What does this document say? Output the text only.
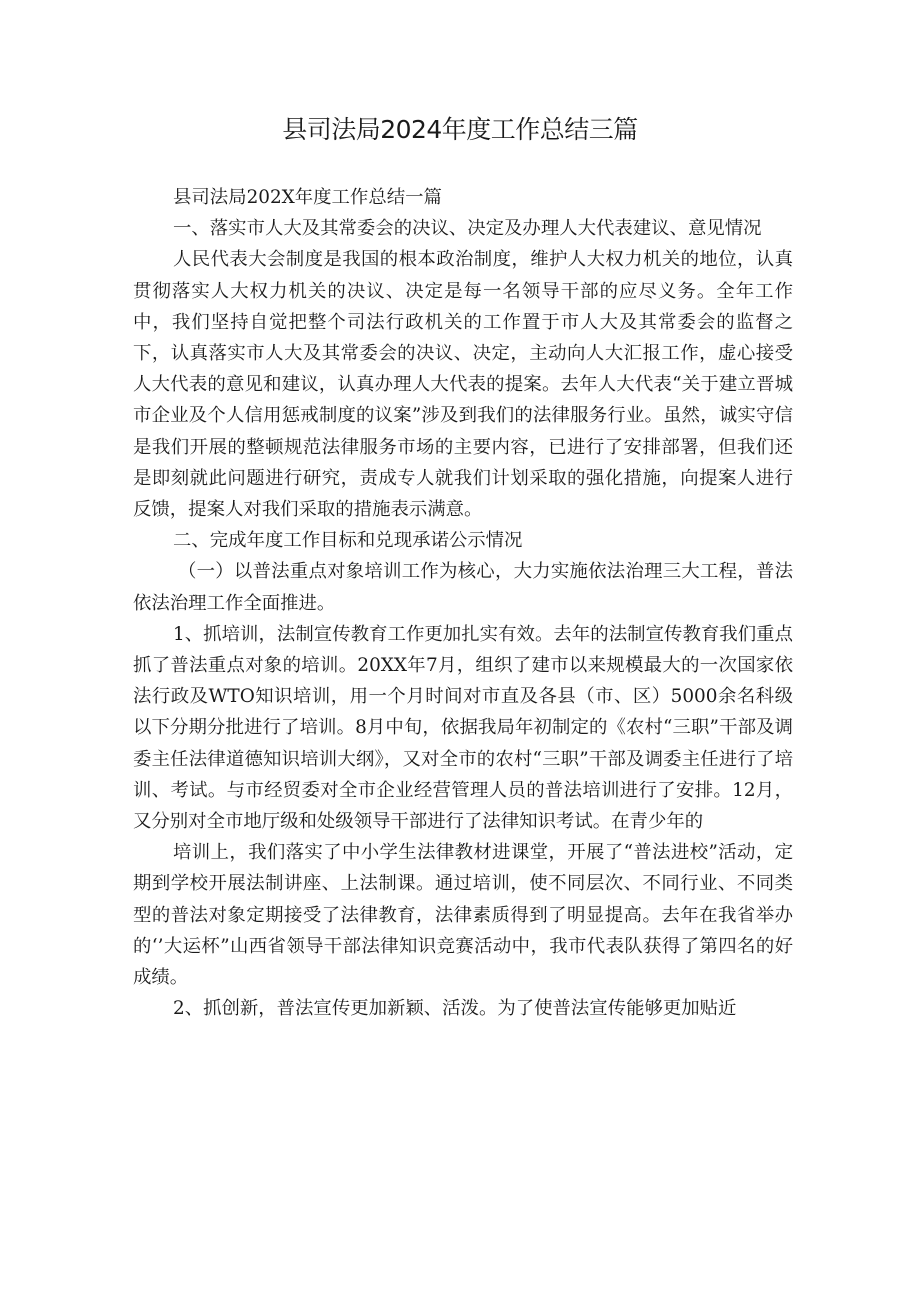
县司法局2024年度工作总结三篇

县司法局202X年度工作总结一篇

一、落实市人大及其常委会的决议、决定及办理人大代表建议、意见情况

人民代表大会制度是我国的根本政治制度，维护人大权力机关的地位，认真贯彻落实人大权力机关的决议、决定是每一名领导干部的应尽义务。全年工作中，我们坚持自觉把整个司法行政机关的工作置于市人大及其常委会的监督之下，认真落实市人大及其常委会的决议、决定，主动向人大汇报工作，虚心接受人大代表的意见和建议，认真办理人大代表的提案。去年人大代表“关于建立晋城市企业及个人信用惩戒制度的议案”涉及到我们的法律服务行业。虽然，诚实守信是我们开展的整顿规范法律服务市场的主要内容，已进行了安排部署，但我们还是即刻就此问题进行研究，责成专人就我们计划采取的强化措施，向提案人进行反馈，提案人对我们采取的措施表示满意。

二、完成年度工作目标和兑现承诺公示情况

（一）以普法重点对象培训工作为核心，大力实施依法治理三大工程，普法依法治理工作全面推进。

1、抓培训，法制宣传教育工作更加扎实有效。去年的法制宣传教育我们重点抓了普法重点对象的培训。20XX年7月，组织了建市以来规模最大的一次国家依法行政及WTO知识培训，用一个月时间对市直及各县（市、区）5000余名科级以下分期分批进行了培训。8月中旬，依据我局年初制定的《农村“三职”干部及调委主任法律道德知识培训大纲》，又对全市的农村“三职”干部及调委主任进行了培训、考试。与市经贸委对全市企业经营管理人员的普法培训进行了安排。12月，又分别对全市地厅级和处级领导干部进行了法律知识考试。在青少年的

培训上，我们落实了中小学生法律教材进课堂，开展了“普法进校”活动，定期到学校开展法制讲座、上法制课。通过培训，使不同层次、不同行业、不同类型的普法对象定期接受了法律教育，法律素质得到了明显提高。去年在我省举办的‘’大运杯”山西省领导干部法律知识竞赛活动中，我市代表队获得了第四名的好成绩。

2、抓创新，普法宣传更加新颖、活泼。为了使普法宣传能够更加贴近
